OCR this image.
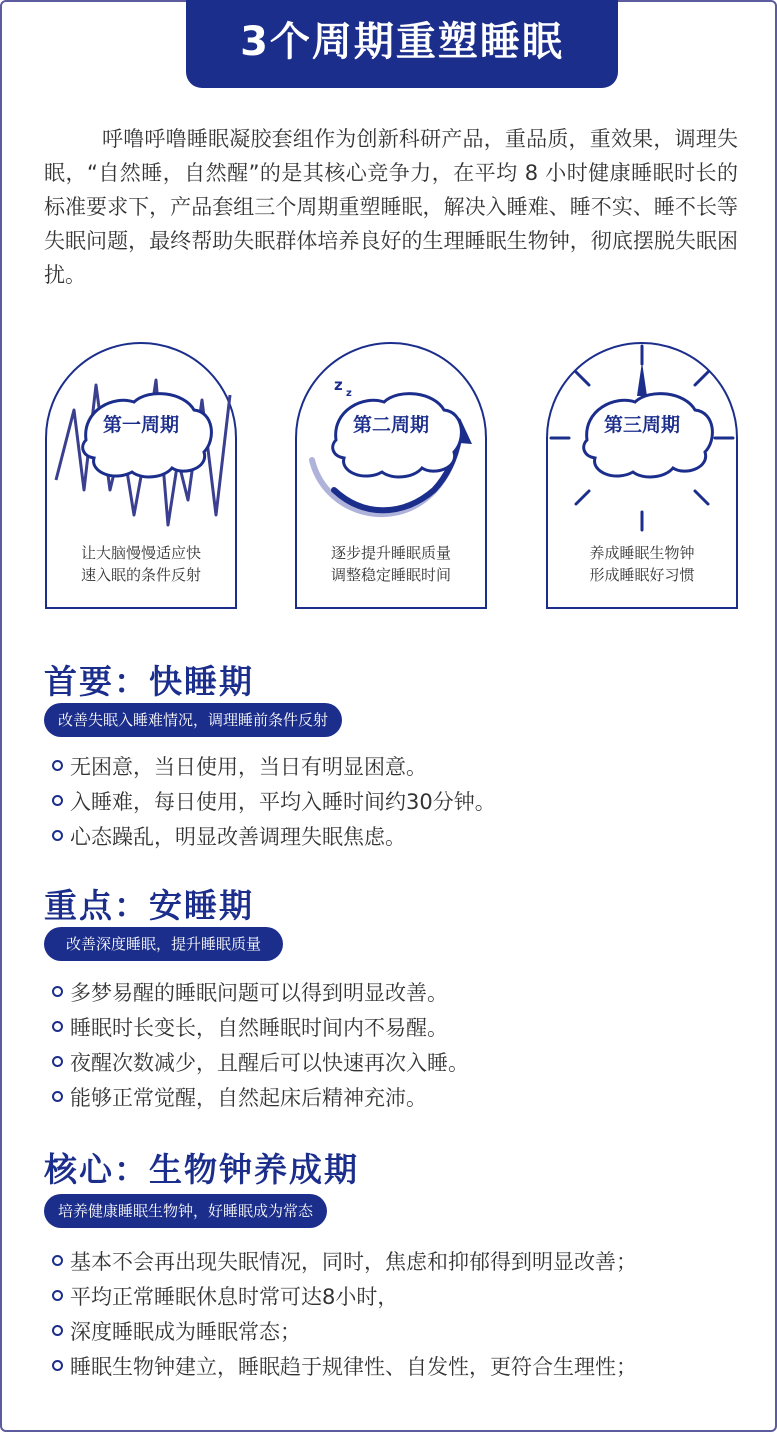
3个周期重塑睡眠

呼噜呼噜睡眠凝胶套组作为创新科研产品，重品质，重效果，调理失眠，“自然睡，自然醒”的是其核心竞争力，在平均 8 小时健康睡眠时长的标准要求下，产品套组三个周期重塑睡眠，解决入睡难、睡不实、睡不长等失眠问题，最终帮助失眠群体培养良好的生理睡眠生物钟，彻底摆脱失眠困扰。

第一周期
让大脑慢慢适应快
速入眠的条件反射
z z
第二周期
逐步提升睡眠质量
调整稳定睡眠时间
第三周期
养成睡眠生物钟
形成睡眠好习惯
首要：快睡期
改善失眠入睡难情况，调理睡前条件反射
无困意，当日使用，当日有明显困意。
入睡难，每日使用，平均入睡时间约30分钟。
心态躁乱，明显改善调理失眠焦虑。
重点：安睡期
改善深度睡眠，提升睡眠质量
多梦易醒的睡眠问题可以得到明显改善。
睡眠时长变长，自然睡眠时间内不易醒。
夜醒次数减少，且醒后可以快速再次入睡。
能够正常觉醒，自然起床后精神充沛。
核心：生物钟养成期
培养健康睡眠生物钟，好睡眠成为常态
基本不会再出现失眠情况，同时，焦虑和抑郁得到明显改善；
平均正常睡眠休息时常可达8小时，
深度睡眠成为睡眠常态；
睡眠生物钟建立，睡眠趋于规律性、自发性，更符合生理性；
